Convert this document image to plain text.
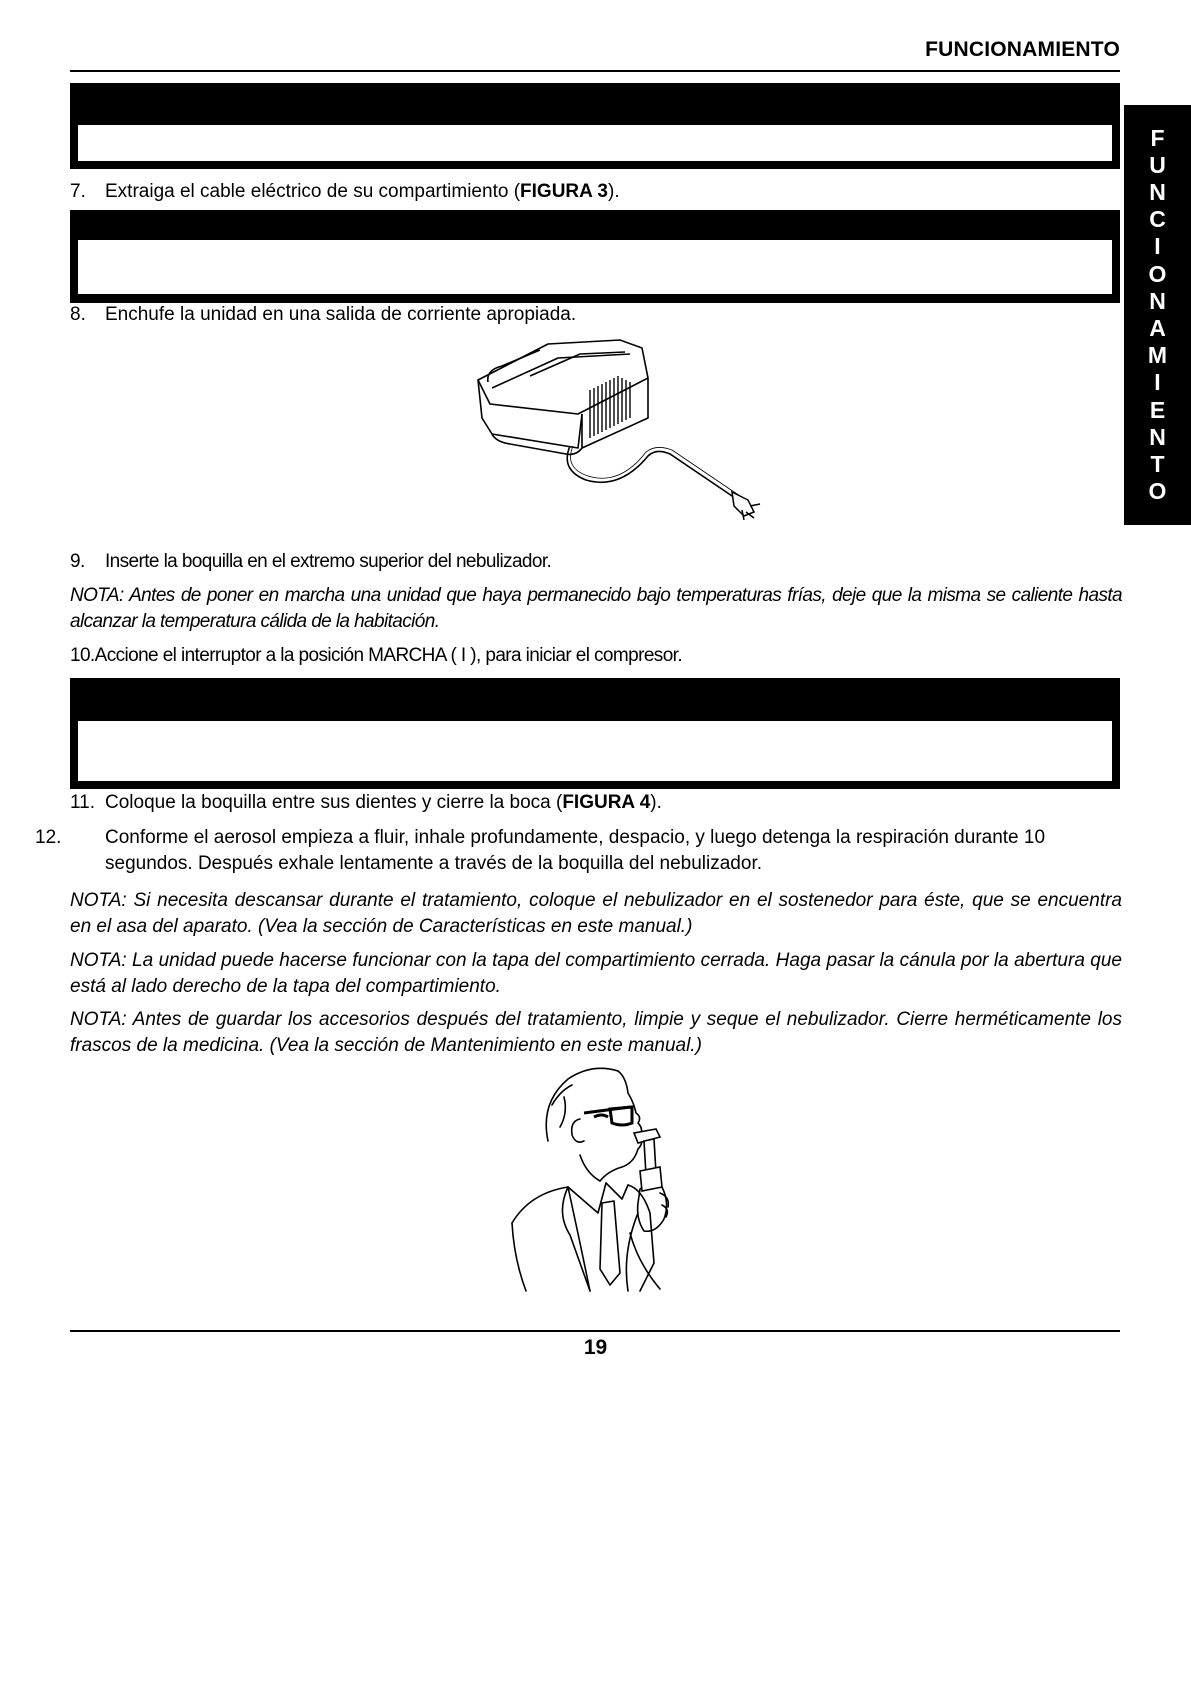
FUNCIONAMIENTO
F
U
N
C
I
O
N
A
M
I
E
N
T
O
7. Extraiga el cable eléctrico de su compartimiento (FIGURA 3).
8. Enchufe la unidad en una salida de corriente apropiada.
9. Inserte la boquilla en el extremo superior del nebulizador.
NOTA: Antes de poner en marcha una unidad que haya permanecido bajo temperaturas frías, deje que la misma se caliente hasta alcanzar la temperatura cálida de la habitación.
10.Accione el interruptor a la posición MARCHA ( I ), para iniciar el compresor.
11. Coloque la boquilla entre sus dientes y cierre la boca (FIGURA 4).
12. Conforme el aerosol empieza a fluir, inhale profundamente, despacio, y luego detenga la respiración durante 10 segundos. Después exhale lentamente a través de la boquilla del nebulizador.
NOTA: Si necesita descansar durante el tratamiento, coloque el nebulizador en el sostenedor para éste, que se encuentra en el asa del aparato. (Vea la sección de Características en este manual.)
NOTA: La unidad puede hacerse funcionar con la tapa del compartimiento cerrada. Haga pasar la cánula por la abertura que está al lado derecho de la tapa del compartimiento.
NOTA: Antes de guardar los accesorios después del tratamiento, limpie y seque el nebulizador. Cierre herméticamente los frascos de la medicina. (Vea la sección de Mantenimiento en este manual.)
19
